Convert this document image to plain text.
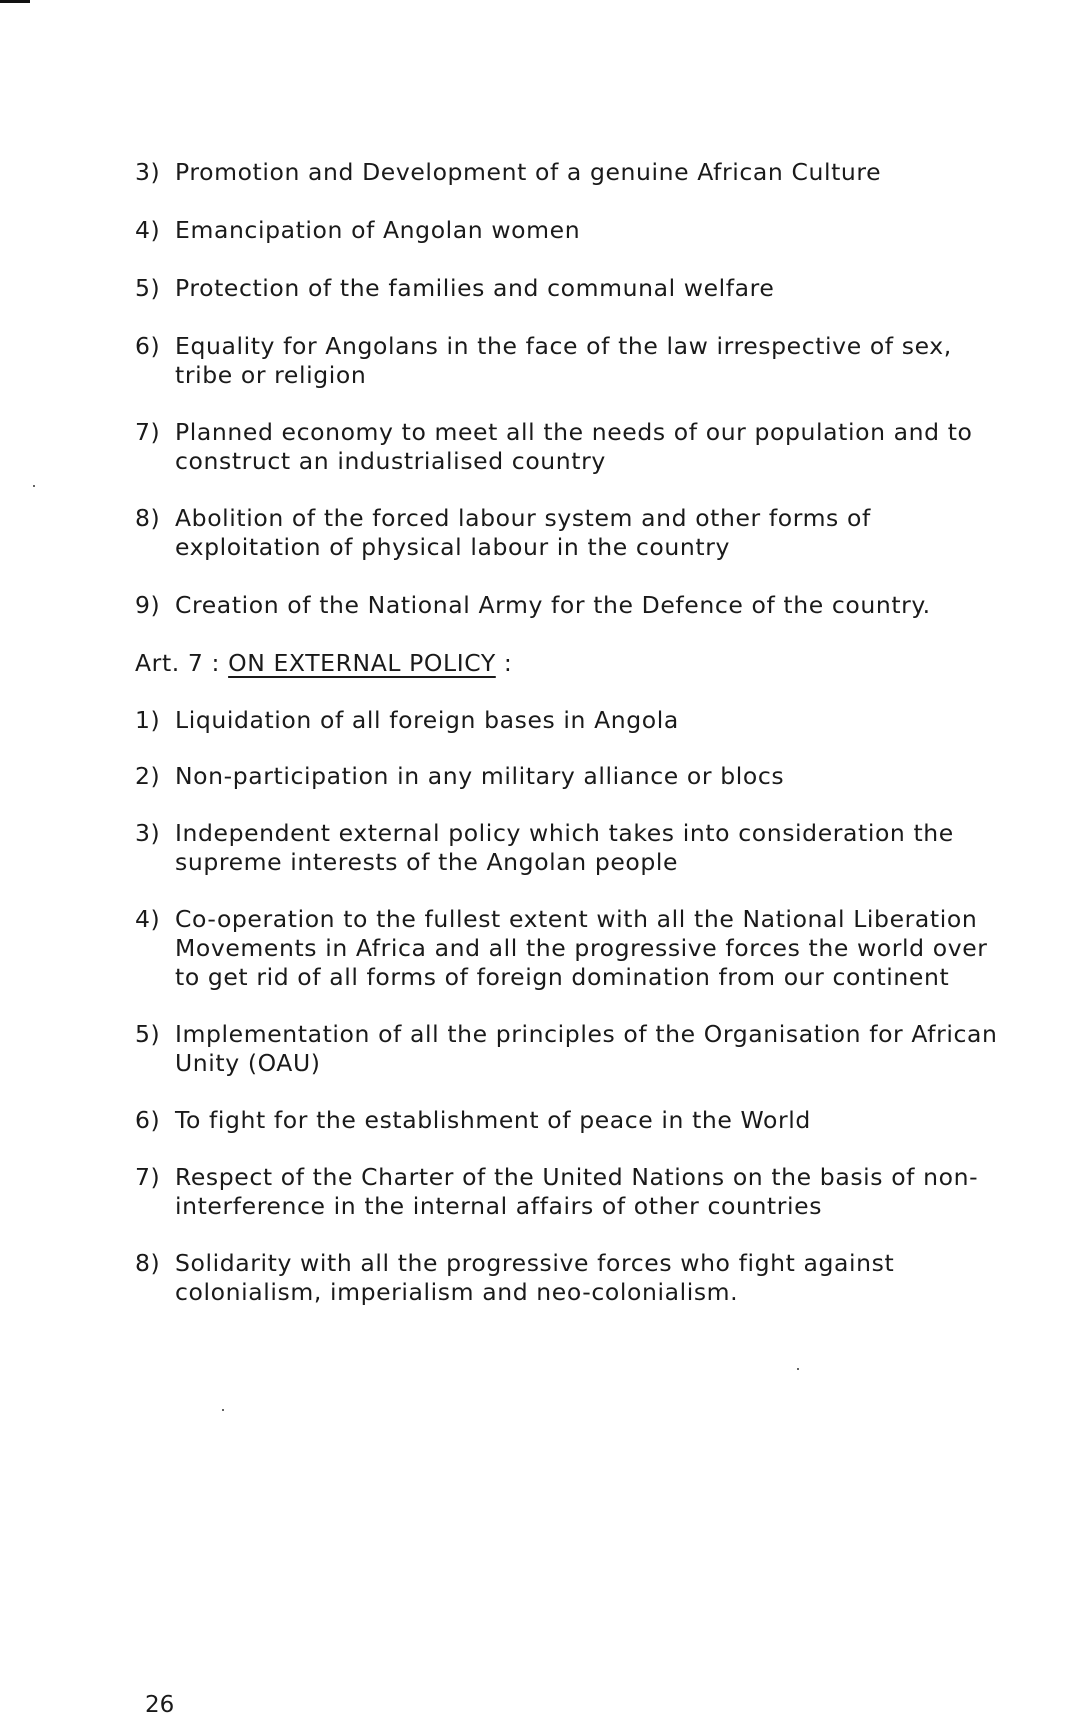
3) Promotion and Development of a genuine African Culture
4) Emancipation of Angolan women
5) Protection of the families and communal welfare
6) Equality for Angolans in the face of the law irrespective of sex, tribe or religion
7) Planned economy to meet all the needs of our population and to construct an industrialised country
8) Abolition of the forced labour system and other forms of exploitation of physical labour in the country
9) Creation of the National Army for the Defence of the country.
Art. 7 : ON EXTERNAL POLICY :
1) Liquidation of all foreign bases in Angola
2) Non-participation in any military alliance or blocs
3) Independent external policy which takes into consideration the supreme interests of the Angolan people
4) Co-operation to the fullest extent with all the National Liberation Movements in Africa and all the progressive forces the world over to get rid of all forms of foreign domination from our continent
5) Implementation of all the principles of the Organisation for African Unity (OAU)
6) To fight for the establishment of peace in the World
7) Respect of the Charter of the United Nations on the basis of non-interference in the internal affairs of other countries
8) Solidarity with all the progressive forces who fight against colonialism, imperialism and neo-colonialism.
26
